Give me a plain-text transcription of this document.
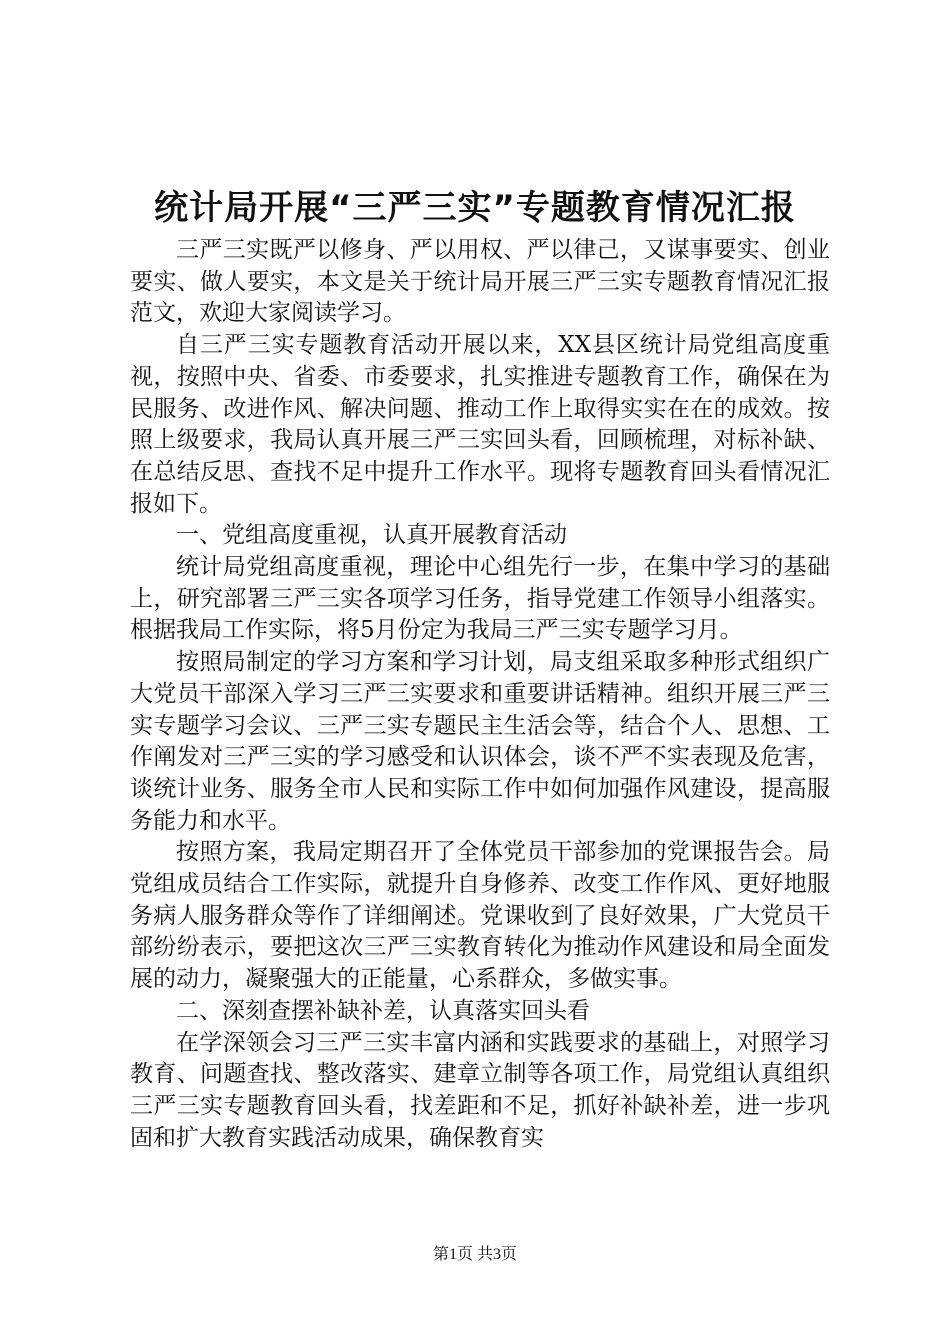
统计局开展“三严三实”专题教育情况汇报

三严三实既严以修身、严以用权、严以律己，又谋事要实、创业要实、做人要实，本文是关于统计局开展三严三实专题教育情况汇报范文，欢迎大家阅读学习。

自三严三实专题教育活动开展以来，XX县区统计局党组高度重视，按照中央、省委、市委要求，扎实推进专题教育工作，确保在为民服务、改进作风、解决问题、推动工作上取得实实在在的成效。按照上级要求，我局认真开展三严三实回头看，回顾梳理，对标补缺、在总结反思、查找不足中提升工作水平。现将专题教育回头看情况汇报如下。

一、党组高度重视，认真开展教育活动

统计局党组高度重视，理论中心组先行一步，在集中学习的基础上，研究部署三严三实各项学习任务，指导党建工作领导小组落实。根据我局工作实际，将5月份定为我局三严三实专题学习月。

按照局制定的学习方案和学习计划，局支组采取多种形式组织广大党员干部深入学习三严三实要求和重要讲话精神。组织开展三严三实专题学习会议、三严三实专题民主生活会等，结合个人、思想、工作阐发对三严三实的学习感受和认识体会，谈不严不实表现及危害，谈统计业务、服务全市人民和实际工作中如何加强作风建设，提高服务能力和水平。

按照方案，我局定期召开了全体党员干部参加的党课报告会。局党组成员结合工作实际，就提升自身修养、改变工作作风、更好地服务病人服务群众等作了详细阐述。党课收到了良好效果，广大党员干部纷纷表示，要把这次三严三实教育转化为推动作风建设和局全面发展的动力，凝聚强大的正能量，心系群众，多做实事。

二、深刻查摆补缺补差，认真落实回头看

在学深领会习三严三实丰富内涵和实践要求的基础上，对照学习教育、问题查找、整改落实、建章立制等各项工作，局党组认真组织三严三实专题教育回头看，找差距和不足，抓好补缺补差，进一步巩固和扩大教育实践活动成果，确保教育实

第1页 共3页
